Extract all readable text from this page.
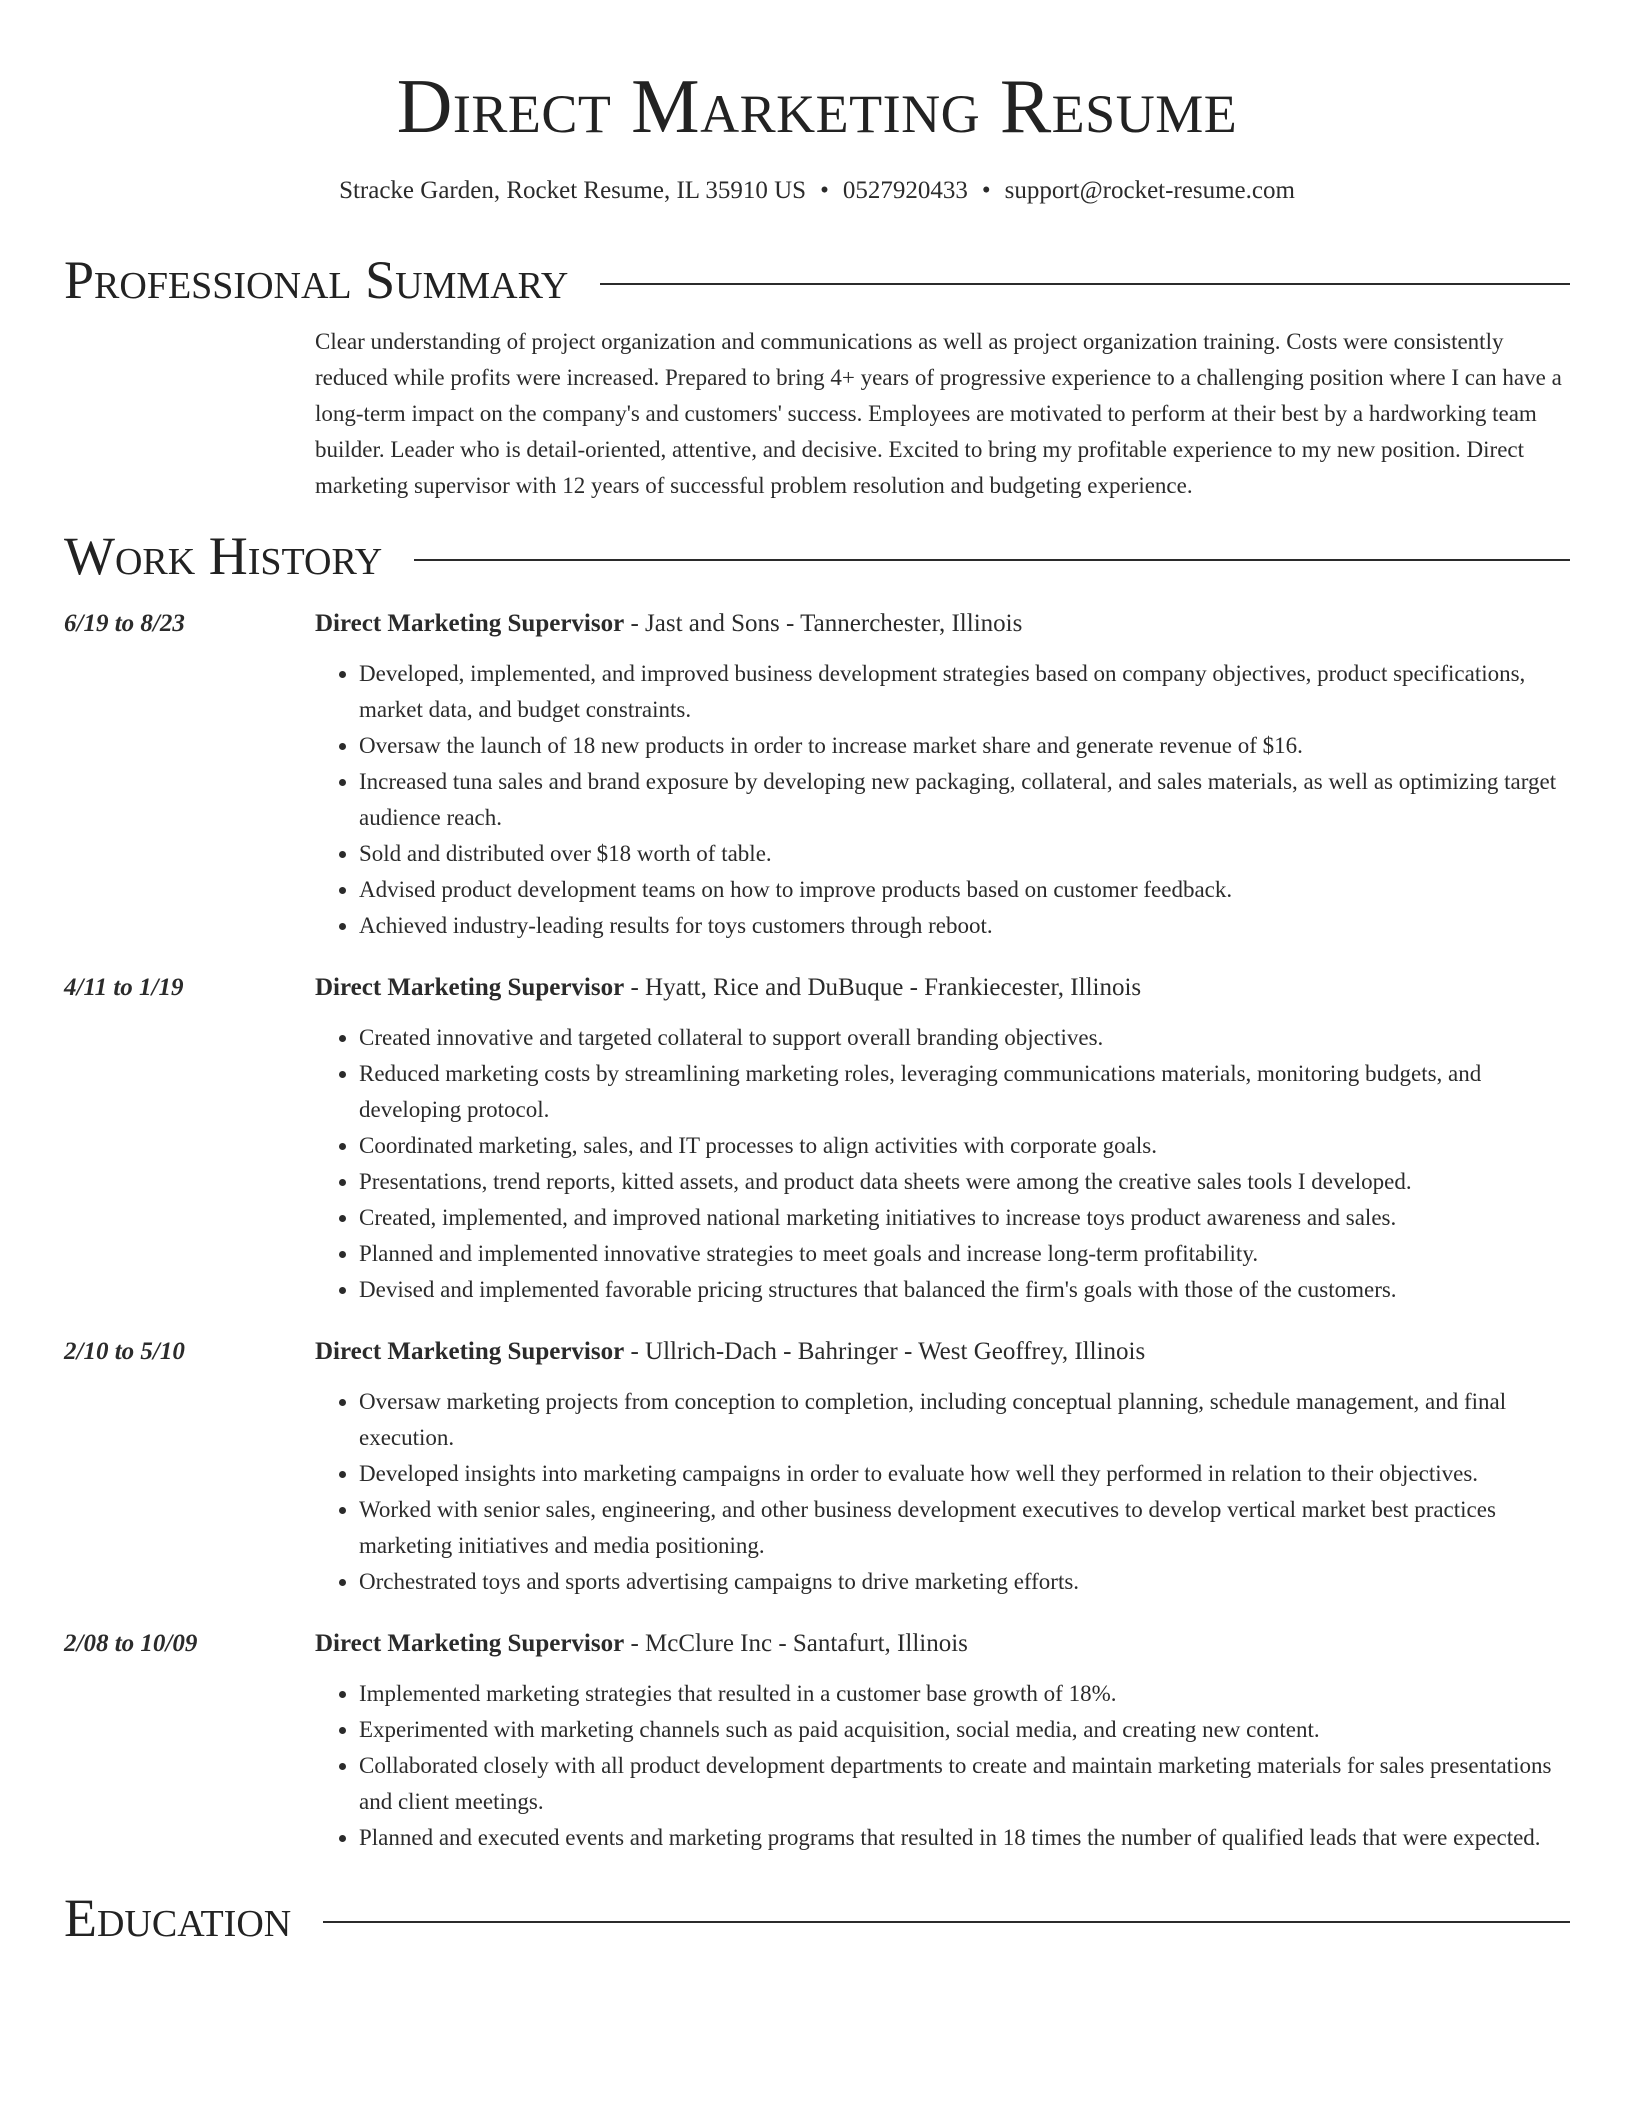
Direct Marketing Resume
Stracke Garden, Rocket Resume, IL 35910 US • 0527920433 • support@rocket-resume.com
Professional Summary

Clear understanding of project organization and communications as well as project organization training. Costs were consistently reduced while profits were increased. Prepared to bring 4+ years of progressive experience to a challenging position where I can have a long-term impact on the company's and customers' success. Employees are motivated to perform at their best by a hardworking team builder. Leader who is detail-oriented, attentive, and decisive. Excited to bring my profitable experience to my new position. Direct marketing supervisor with 12 years of successful problem resolution and budgeting experience.

Work History
6/19 to 8/23	Direct Marketing Supervisor - Jast and Sons - Tannerchester, Illinois
• Developed, implemented, and improved business development strategies based on company objectives, product specifications, market data, and budget constraints.
• Oversaw the launch of 18 new products in order to increase market share and generate revenue of $16.
• Increased tuna sales and brand exposure by developing new packaging, collateral, and sales materials, as well as optimizing target audience reach.
• Sold and distributed over $18 worth of table.
• Advised product development teams on how to improve products based on customer feedback.
• Achieved industry-leading results for toys customers through reboot.
4/11 to 1/19	Direct Marketing Supervisor - Hyatt, Rice and DuBuque - Frankiecester, Illinois
• Created innovative and targeted collateral to support overall branding objectives.
• Reduced marketing costs by streamlining marketing roles, leveraging communications materials, monitoring budgets, and developing protocol.
• Coordinated marketing, sales, and IT processes to align activities with corporate goals.
• Presentations, trend reports, kitted assets, and product data sheets were among the creative sales tools I developed.
• Created, implemented, and improved national marketing initiatives to increase toys product awareness and sales.
• Planned and implemented innovative strategies to meet goals and increase long-term profitability.
• Devised and implemented favorable pricing structures that balanced the firm's goals with those of the customers.
2/10 to 5/10	Direct Marketing Supervisor - Ullrich-Dach - Bahringer - West Geoffrey, Illinois
• Oversaw marketing projects from conception to completion, including conceptual planning, schedule management, and final execution.
• Developed insights into marketing campaigns in order to evaluate how well they performed in relation to their objectives.
• Worked with senior sales, engineering, and other business development executives to develop vertical market best practices marketing initiatives and media positioning.
• Orchestrated toys and sports advertising campaigns to drive marketing efforts.
2/08 to 10/09	Direct Marketing Supervisor - McClure Inc - Santafurt, Illinois
• Implemented marketing strategies that resulted in a customer base growth of 18%.
• Experimented with marketing channels such as paid acquisition, social media, and creating new content.
• Collaborated closely with all product development departments to create and maintain marketing materials for sales presentations and client meetings.
• Planned and executed events and marketing programs that resulted in 18 times the number of qualified leads that were expected.
Education
